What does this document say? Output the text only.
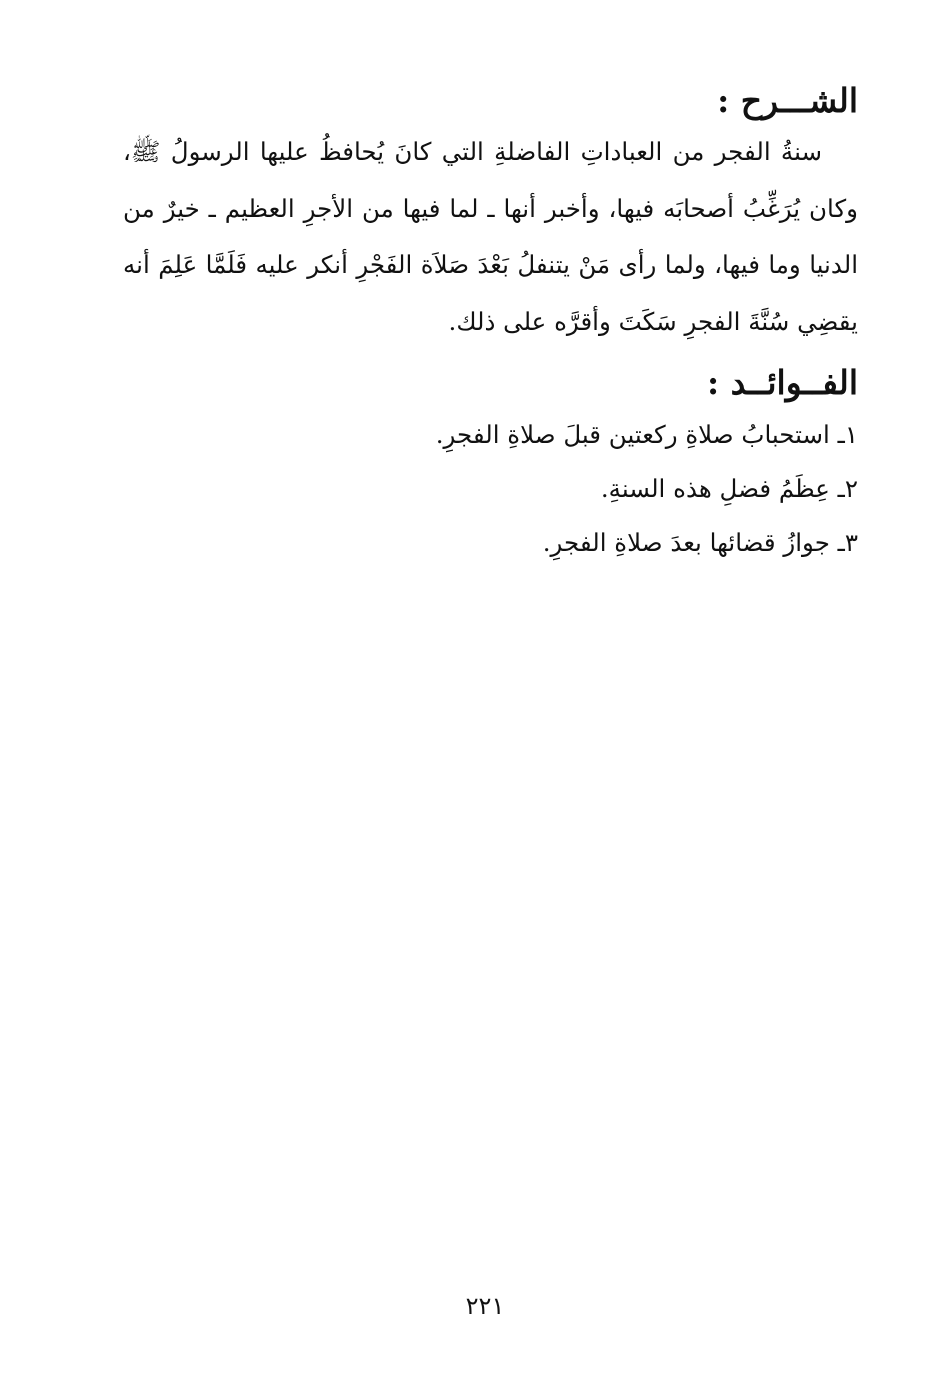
الشـــرح :

سنةُ الفجر من العباداتِ الفاضلةِ التي كانَ يُحافظُ عليها الرسولُ ﷺ، وكان يُرَغِّبُ أصحابَه فيها، وأخبر أنها ـ لما فيها من الأجرِ العظيم ـ خيرٌ من الدنيا وما فيها، ولما رأى مَنْ يتنفلُ بَعْدَ صَلاَة الفَجْرِ أنكر عليه فَلَمَّا عَلِمَ أنه يقضِي سُنَّةَ الفجرِ سَكَتَ وأقرَّه على ذلك.

الفــوائــد :
١ـ استحبابُ صلاةِ ركعتين قبلَ صلاةِ الفجرِ.
٢ـ عِظَمُ فضلِ هذه السنةِ.
٣ـ جوازُ قضائها بعدَ صلاةِ الفجرِ.
٢٢١
